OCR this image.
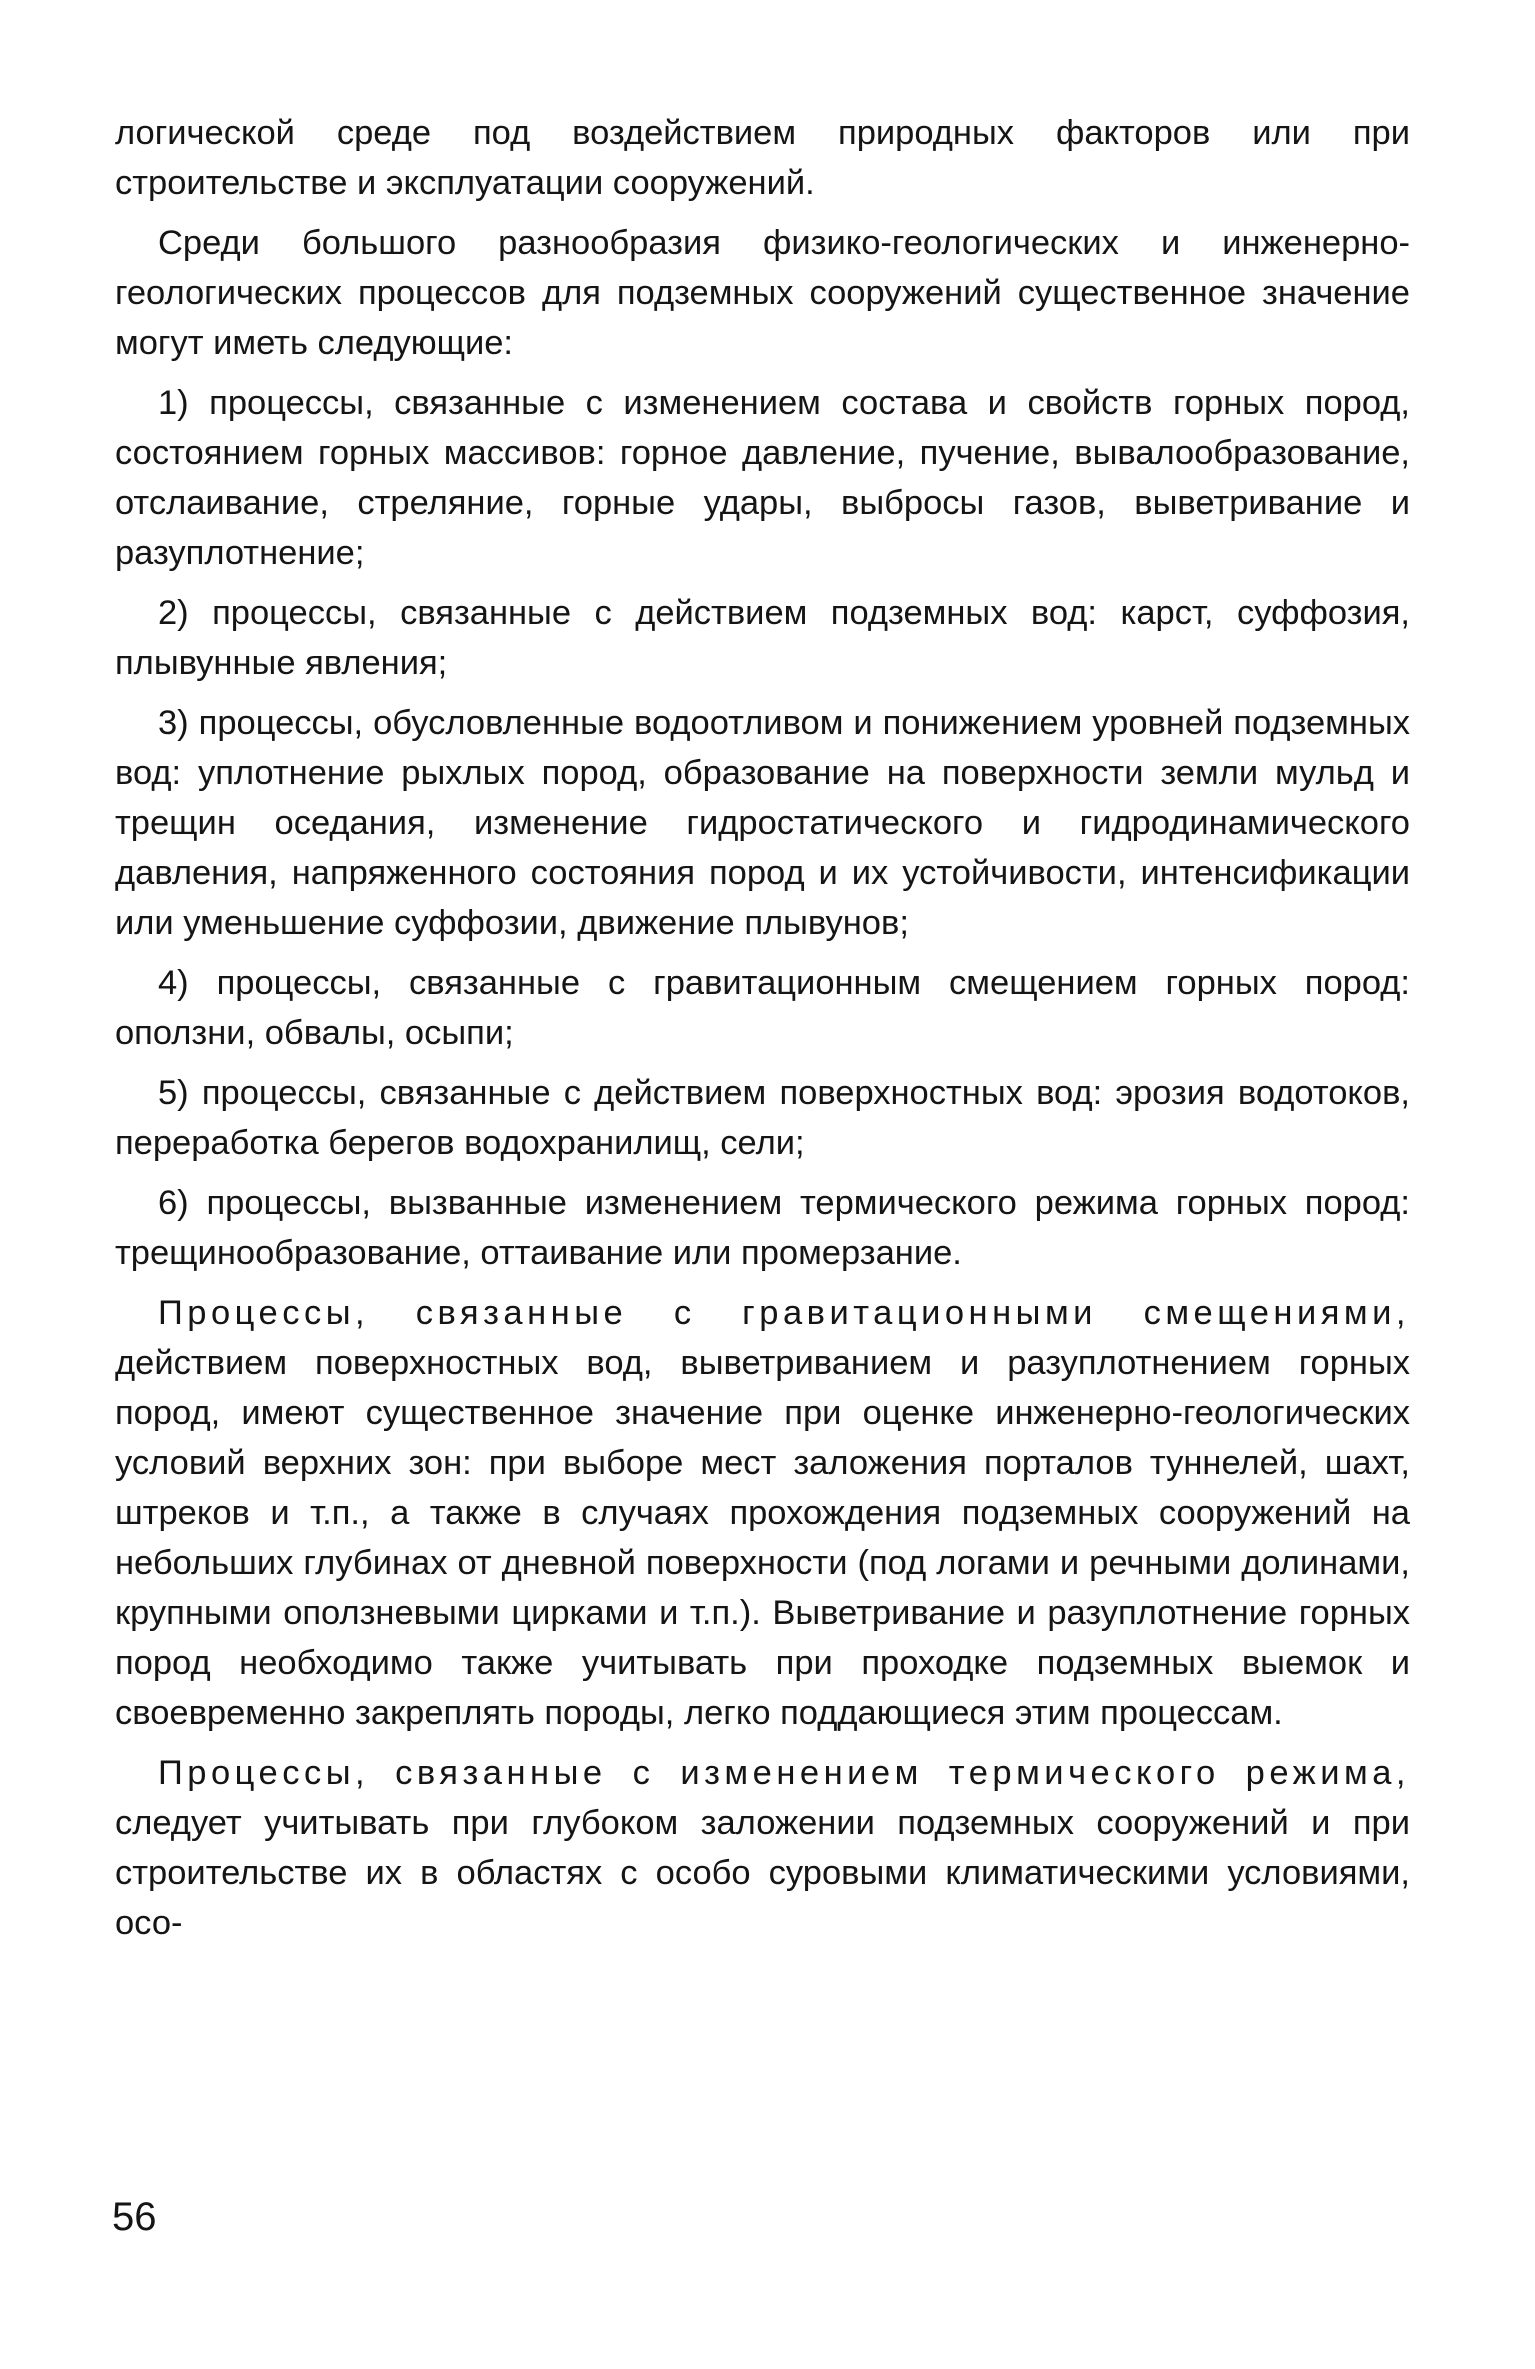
логической среде под воздействием природных факторов или при строительстве и эксплуатации сооружений.

Среди большого разнообразия физико-геологических и инженерно-геологических процессов для подземных сооружений существенное значение могут иметь следующие:

1) процессы, связанные с изменением состава и свойств горных пород, состоянием горных массивов: горное давление, пучение, вывалообразование, отслаивание, стреляние, горные удары, выбросы газов, выветривание и разуплотнение;

2) процессы, связанные с действием подземных вод: карст, суффозия, плывунные явления;

3) процессы, обусловленные водоотливом и понижением уровней подземных вод: уплотнение рыхлых пород, образование на поверхности земли мульд и трещин оседания, изменение гидростатического и гидродинамического давления, напряженного состояния пород и их устойчивости, интенсификации или уменьшение суффозии, движение плывунов;

4) процессы, связанные с гравитационным смещением горных пород: оползни, обвалы, осыпи;

5) процессы, связанные с действием поверхностных вод: эрозия водотоков, переработка берегов водохранилищ, сели;

6) процессы, вызванные изменением термического режима горных пород: трещинообразование, оттаивание или промерзание.

Процессы, связанные с гравитационными смещениями, действием поверхностных вод, выветриванием и разуплотнением горных пород, имеют существенное значение при оценке инженерно-геологических условий верхних зон: при выборе мест заложения порталов туннелей, шахт, штреков и т.п., а также в случаях прохождения подземных сооружений на небольших глубинах от дневной поверхности (под логами и речными долинами, крупными оползневыми цирками и т.п.). Выветривание и разуплотнение горных пород необходимо также учитывать при проходке подземных выемок и своевременно закреплять породы, легко поддающиеся этим процессам.

Процессы, связанные с изменением термического режима, следует учитывать при глубоком заложении подземных сооружений и при строительстве их в областях с особо суровыми климатическими условиями, осо-

56
